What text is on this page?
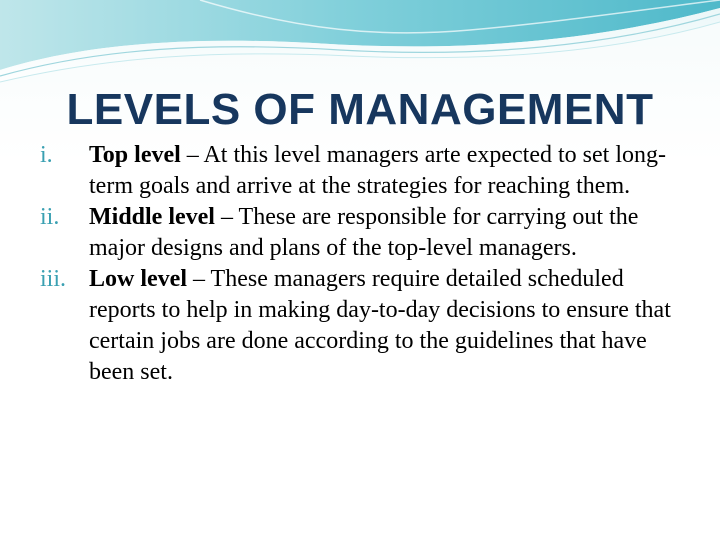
LEVELS OF MANAGEMENT
i.	Top level – At this level managers arte expected to set long-term goals and arrive at the strategies for reaching them.
ii.	Middle level – These are responsible for carrying out the major designs and plans of the top-level managers.
iii. Low level – These managers require detailed scheduled reports to help in making day-to-day decisions to ensure that certain jobs are done according to the guidelines that have been set.
